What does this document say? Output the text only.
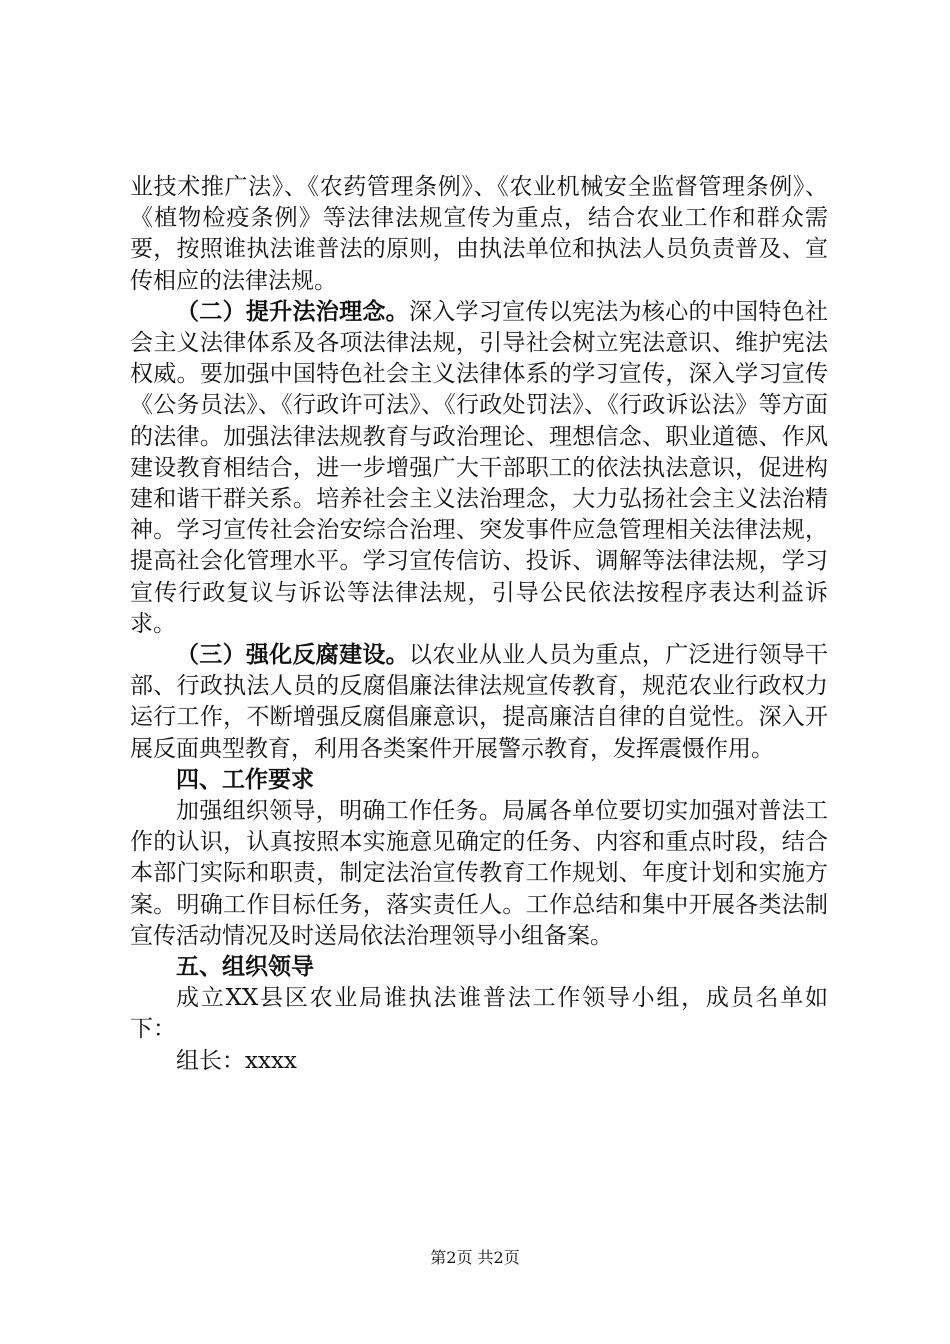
业技术推广法》、《农药管理条例》、《农业机械安全监督管理条例》、《植物检疫条例》等法律法规宣传为重点，结合农业工作和群众需要，按照谁执法谁普法的原则，由执法单位和执法人员负责普及、宣传相应的法律法规。

（二）提升法治理念。深入学习宣传以宪法为核心的中国特色社会主义法律体系及各项法律法规，引导社会树立宪法意识、维护宪法权威。要加强中国特色社会主义法律体系的学习宣传，深入学习宣传《公务员法》、《行政许可法》、《行政处罚法》、《行政诉讼法》等方面的法律。加强法律法规教育与政治理论、理想信念、职业道德、作风建设教育相结合，进一步增强广大干部职工的依法执法意识，促进构建和谐干群关系。培养社会主义法治理念，大力弘扬社会主义法治精神。学习宣传社会治安综合治理、突发事件应急管理相关法律法规，提高社会化管理水平。学习宣传信访、投诉、调解等法律法规，学习宣传行政复议与诉讼等法律法规，引导公民依法按程序表达利益诉求。

（三）强化反腐建设。以农业从业人员为重点，广泛进行领导干部、行政执法人员的反腐倡廉法律法规宣传教育，规范农业行政权力运行工作，不断增强反腐倡廉意识，提高廉洁自律的自觉性。深入开展反面典型教育，利用各类案件开展警示教育，发挥震慑作用。

四、工作要求

加强组织领导，明确工作任务。局属各单位要切实加强对普法工作的认识，认真按照本实施意见确定的任务、内容和重点时段，结合本部门实际和职责，制定法治宣传教育工作规划、年度计划和实施方案。明确工作目标任务，落实责任人。工作总结和集中开展各类法制宣传活动情况及时送局依法治理领导小组备案。

五、组织领导

成立XX县区农业局谁执法谁普法工作领导小组，成员名单如下：

组长：xxxx

第2页 共2页
